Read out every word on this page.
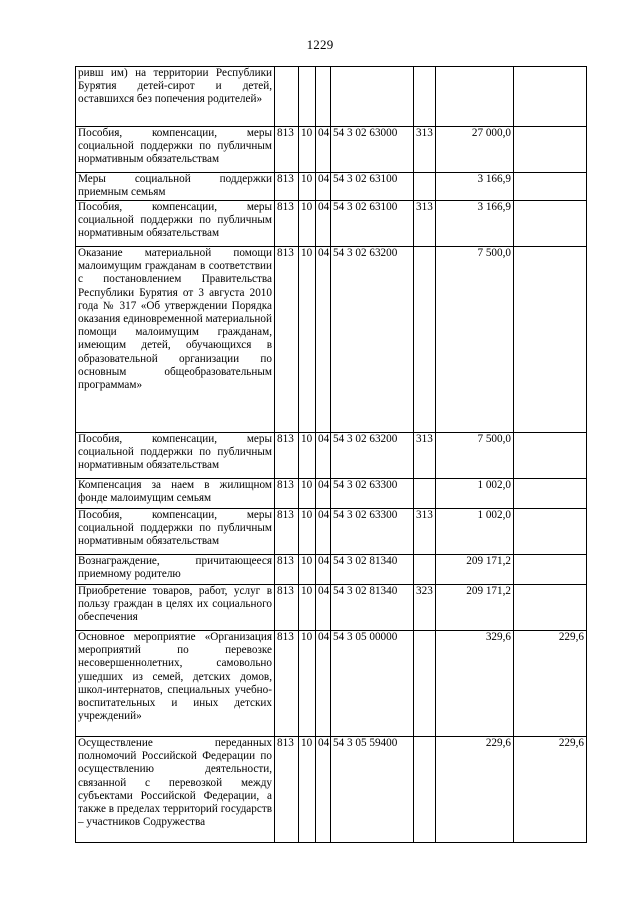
1229
ривш им) на территории Республики Бурятия детей-сирот и детей, оставшихся без попечения родителей»							
Пособия, компенсации, меры социальной поддержки по публичным нормативным обязательствам	813	10	04	54 3 02 63000	313	27 000,0	
Меры социальной поддержки приемным семьям	813	10	04	54 3 02 63100		3 166,9	
Пособия, компенсации, меры социальной поддержки по публичным нормативным обязательствам	813	10	04	54 3 02 63100	313	3 166,9	
Оказание материальной помощи малоимущим гражданам в соответствии с постановлением Правительства Республики Бурятия от 3 августа 2010 года № 317 «Об утверждении Порядка оказания единовременной материальной помощи малоимущим гражданам, имеющим детей, обучающихся в образовательной организации по основным общеобразовательным программам»	813	10	04	54 3 02 63200		7 500,0	
Пособия, компенсации, меры социальной поддержки по публичным нормативным обязательствам	813	10	04	54 3 02 63200	313	7 500,0	
Компенсация за наем в жилищном фонде малоимущим семьям	813	10	04	54 3 02 63300		1 002,0	
Пособия, компенсации, меры социальной поддержки по публичным нормативным обязательствам	813	10	04	54 3 02 63300	313	1 002,0	
Вознаграждение, причитающееся приемному родителю	813	10	04	54 3 02 81340		209 171,2	
Приобретение товаров, работ, услуг в пользу граждан в целях их социального обеспечения	813	10	04	54 3 02 81340	323	209 171,2	
Основное мероприятие «Организация мероприятий по перевозке несовершеннолетних, самовольно ушедших из семей, детских домов, школ-интернатов, специальных учебно-воспитательных и иных детских учреждений»	813	10	04	54 3 05 00000		329,6	229,6
Осуществление переданных полномочий Российской Федерации по осуществлению деятельности, связанной с перевозкой между субъектами Российской Федерации, а также в пределах территорий государств – участников Содружества	813	10	04	54 3 05 59400		229,6	229,6
